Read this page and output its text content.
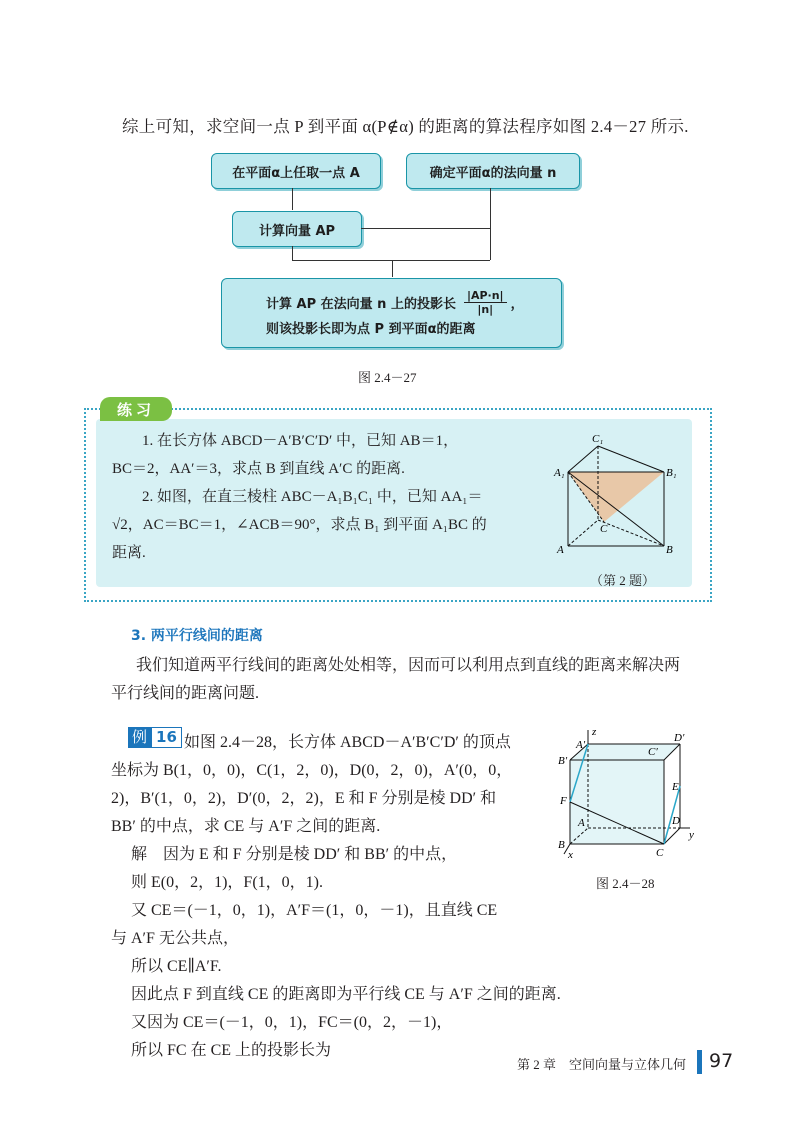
综上可知，求空间一点 P 到平面 α(P∉α) 的距离的算法程序如图 2.4－27 所示.
在平面α上任取一点 A	确定平面α的法向量 n
计算向量 AP
计算 AP 在法向量 n 上的投影长 $\frac{|AP\cdot n|}{|n|}$ ，
则该投影长即为点 P 到平面α的距离
图 2.4－27
练习
1. 在长方体 ABCD－A′B′C′D′ 中，已知 AB＝1，
BC＝2，AA′＝3，求点 B 到直线 A′C 的距离.
2. 如图，在直三棱柱 ABC－A₁B₁C₁ 中，已知 AA₁＝
√2，AC＝BC＝1，∠ACB＝90°，求点 B₁ 到平面 A₁BC 的
距离.
C₁
A₁	B₁
C
A	B
（第 2 题）
3. 两平行线间的距离
我们知道两平行线间的距离处处相等，因而可以利用点到直线的距离来解决两
平行线间的距离问题.
例 16 如图 2.4－28，长方体 ABCD－A′B′C′D′ 的顶点
坐标为 B(1，0，0)，C(1，2，0)，D(0，2，0)，A′(0，0，
2)，B′(1，0，2)，D′(0，2，2)，E 和 F 分别是棱 DD′ 和
BB′ 的中点，求 CE 与 A′F 之间的距离.
解　因为 E 和 F 分别是棱 DD′ 和 BB′ 的中点，
则 E(0，2，1)，F(1，0，1).
又 CE＝(－1，0，1)，A′F＝(1，0，－1)，且直线 CE
与 A′F 无公共点，
所以 CE∥A′F.
因此点 F 到直线 CE 的距离即为平行线 CE 与 A′F 之间的距离.
又因为 CE＝(－1，0，1)，FC＝(0，2，－1)，
所以 FC 在 CE 上的投影长为
A′
z	D′
C′
B′
E
F
A	D
y
B
C
x
图 2.4－28
第 2 章　空间向量与立体几何 97
